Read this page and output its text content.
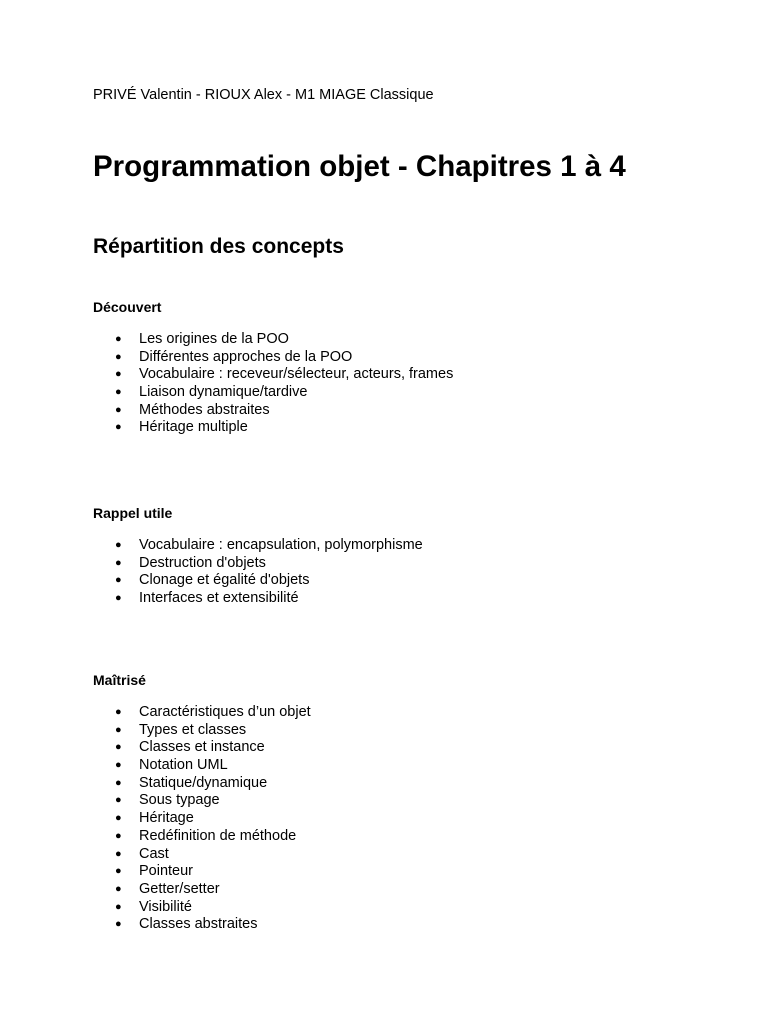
PRIVÉ Valentin - RIOUX Alex - M1 MIAGE Classique

Programmation objet - Chapitres 1 à 4
Répartition des concepts
Découvert
● Les origines de la POO
● Différentes approches de la POO
● Vocabulaire : receveur/sélecteur, acteurs, frames
● Liaison dynamique/tardive
● Méthodes abstraites
● Héritage multiple
Rappel utile
● Vocabulaire : encapsulation, polymorphisme
● Destruction d'objets
● Clonage et égalité d'objets
● Interfaces et extensibilité
Maîtrisé
● Caractéristiques d’un objet
● Types et classes
● Classes et instance
● Notation UML
● Statique/dynamique
● Sous typage
● Héritage
● Redéfinition de méthode
● Cast
● Pointeur
● Getter/setter
● Visibilité
● Classes abstraites
